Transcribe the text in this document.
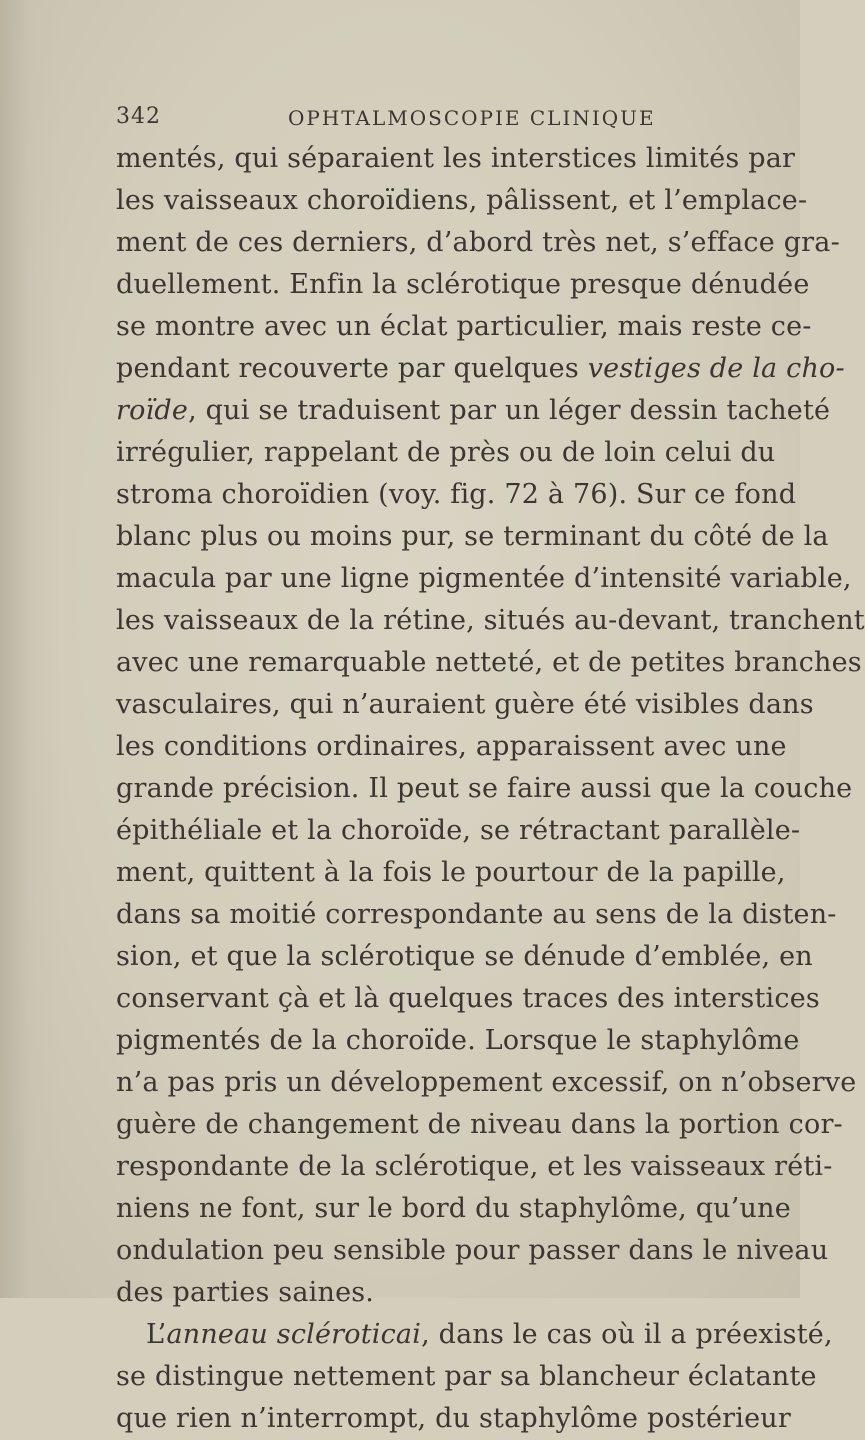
342	OPHTALMOSCOPIE CLINIQUE
mentés, qui séparaient les interstices limités par
les vaisseaux choroïdiens, pâlissent, et l’emplace-
ment de ces derniers, d’abord très net, s’efface gra-
duellement. Enfin la sclérotique presque dénudée
se montre avec un éclat particulier, mais reste ce-
pendant recouverte par quelques vestiges de la cho-
roïde, qui se traduisent par un léger dessin tacheté
irrégulier, rappelant de près ou de loin celui du
stroma choroïdien (voy. fig. 72 à 76). Sur ce fond
blanc plus ou moins pur, se terminant du côté de la
macula par une ligne pigmentée d’intensité variable,
les vaisseaux de la rétine, situés au-devant, tranchent
avec une remarquable netteté, et de petites branches
vasculaires, qui n’auraient guère été visibles dans
les conditions ordinaires, apparaissent avec une
grande précision. Il peut se faire aussi que la couche
épithéliale et la choroïde, se rétractant parallèle-
ment, quittent à la fois le pourtour de la papille,
dans sa moitié correspondante au sens de la disten-
sion, et que la sclérotique se dénude d’emblée, en
conservant çà et là quelques traces des interstices
pigmentés de la choroïde. Lorsque le staphylôme
n’a pas pris un développement excessif, on n’observe
guère de changement de niveau dans la portion cor-
respondante de la sclérotique, et les vaisseaux réti-
niens ne font, sur le bord du staphylôme, qu’une
ondulation peu sensible pour passer dans le niveau
des parties saines.
L’anneau scléroticai, dans le cas où il a préexisté,
se distingue nettement par sa blancheur éclatante
que rien n’interrompt, du staphylôme postérieur
